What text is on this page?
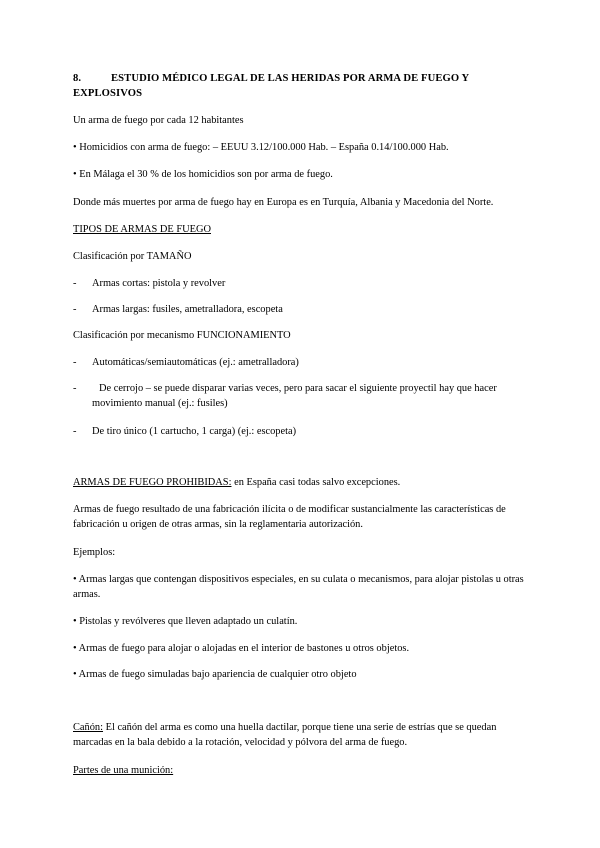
8.	ESTUDIO MÉDICO LEGAL DE LAS HERIDAS POR ARMA DE FUEGO Y EXPLOSIVOS

Un arma de fuego por cada 12 habitantes

• Homicidios con arma de fuego: – EEUU 3.12/100.000 Hab. – España 0.14/100.000 Hab.

• En Málaga el 30 % de los homicidios son por arma de fuego.

Donde más muertes por arma de fuego hay en Europa es en Turquía, Albania y Macedonia del Norte.

TIPOS DE ARMAS DE FUEGO

Clasificación por TAMAÑO

-	Armas cortas: pistola y revolver
-	Armas largas: fusiles, ametralladora, escopeta

Clasificación por mecanismo FUNCIONAMIENTO

-	Automáticas/semiautomáticas (ej.: ametralladora)
-	De cerrojo – se puede disparar varias veces, pero para sacar el siguiente proyectil hay que hacer
movimiento manual (ej.: fusiles)
-	De tiro único (1 cartucho, 1 carga) (ej.: escopeta)

ARMAS DE FUEGO PROHIBIDAS: en España casi todas salvo excepciones.

Armas de fuego resultado de una fabricación ilícita o de modificar sustancialmente las características de fabricación u origen de otras armas, sin la reglamentaria autorización.

Ejemplos:

• Armas largas que contengan dispositivos especiales, en su culata o mecanismos, para alojar pistolas u otras armas.

• Pistolas y revólveres que lleven adaptado un culatín.

• Armas de fuego para alojar o alojadas en el interior de bastones u otros objetos.

• Armas de fuego simuladas bajo apariencia de cualquier otro objeto

Cañón: El cañón del arma es como una huella dactilar, porque tiene una serie de estrías que se quedan marcadas en la bala debido a la rotación, velocidad y pólvora del arma de fuego.

Partes de una munición:
